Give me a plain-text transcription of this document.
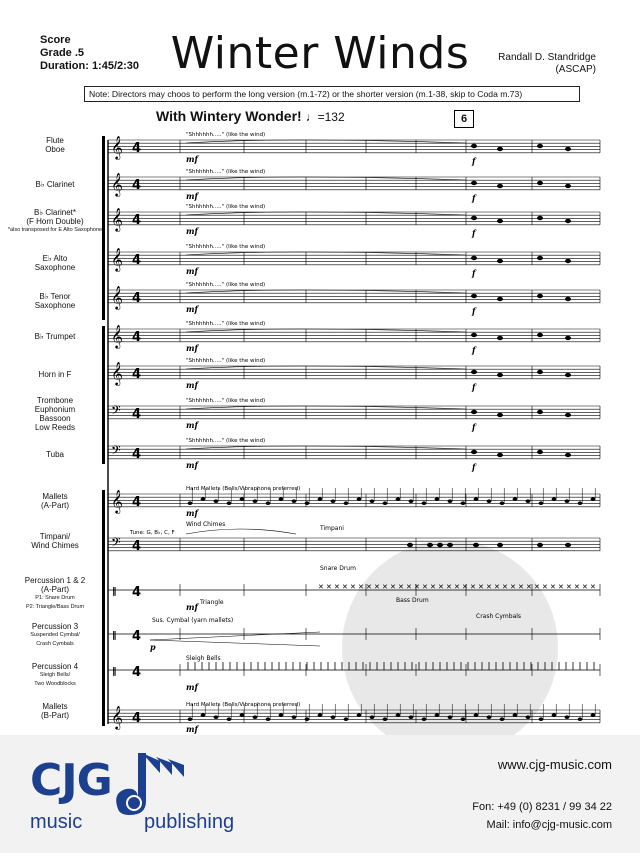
Score
Grade .5
Duration: 1:45/2:30 Winter Winds	Randall D. Standridge
(ASCAP)
Note: Directors may choos to perform the long version (m.1-72) or the shorter version (m.1-38, skip to Coda m.73)
With Wintery Wonder! ♩=132	6
𝄞 4
"Shhhhhh....." (like the wind)
mf	f
𝄞 4
"Shhhhhh....." (like the wind)
mf	f
𝄞 4
"Shhhhhh....." (like the wind)
mf	f
𝄞 4
"Shhhhhh....." (like the wind)
mf	f
𝄞 4
"Shhhhhh....." (like the wind)
mf	f
𝄞 4
"Shhhhhh....." (like the wind)
mf	f
𝄞 4
"Shhhhhh....." (like the wind)
mf	f
𝄢 4
"Shhhhhh....." (like the wind)
mf	f
𝄢 4
"Shhhhhh....." (like the wind)
mf	f
𝄞 4
Hard Mallets (Bells/Vibraphone preferred)
mf
𝄢 4
Tune: G, B♭, C, F
Wind Chimes
Timpani
‖ 4
Snare Drum
Bass Drum
Triangle
mf
✕ ✕ ✕ ✕ ✕ ✕ ✕ ✕ ✕ ✕ ✕ ✕ ✕ ✕ ✕ ✕ ✕ ✕ ✕ ✕ ✕ ✕ ✕ ✕ ✕ ✕ ✕ ✕ ✕ ✕ ✕ ✕ ✕ ✕ ✕
‖ 4
Sus. Cymbal (yarn mallets)
p
Crash Cymbals
‖ 4
Sleigh Bells
mf
𝄞 4
Hard Mallets (Bells/Vibraphone preferred)
mf
Flute
Oboe
B♭ Clarinet
B♭ Clarinet*
(F Horn Double)
*also transposed for E Alto Saxophone
E♭ Alto
Saxophone
B♭ Tenor
Saxophone
B♭ Trumpet
Horn in F
Trombone
Euphonium
Bassoon
Low Reeds
Tuba
Mallets
(A-Part)
Timpani/
Wind Chimes
Percussion 1 & 2
(A-Part)
P1: Snare Drum
P2: Triangle/Bass Drum
Percussion 3
Suspended Cymbal/
Crash Cymbals
Percussion 4
Sleigh Bells/
Two Woodblocks
Mallets
(B-Part)
CJG
music	publishing
www.cjg-music.com
Fon: +49 (0) 8231 / 99 34 22
Mail: info@cjg-music.com
